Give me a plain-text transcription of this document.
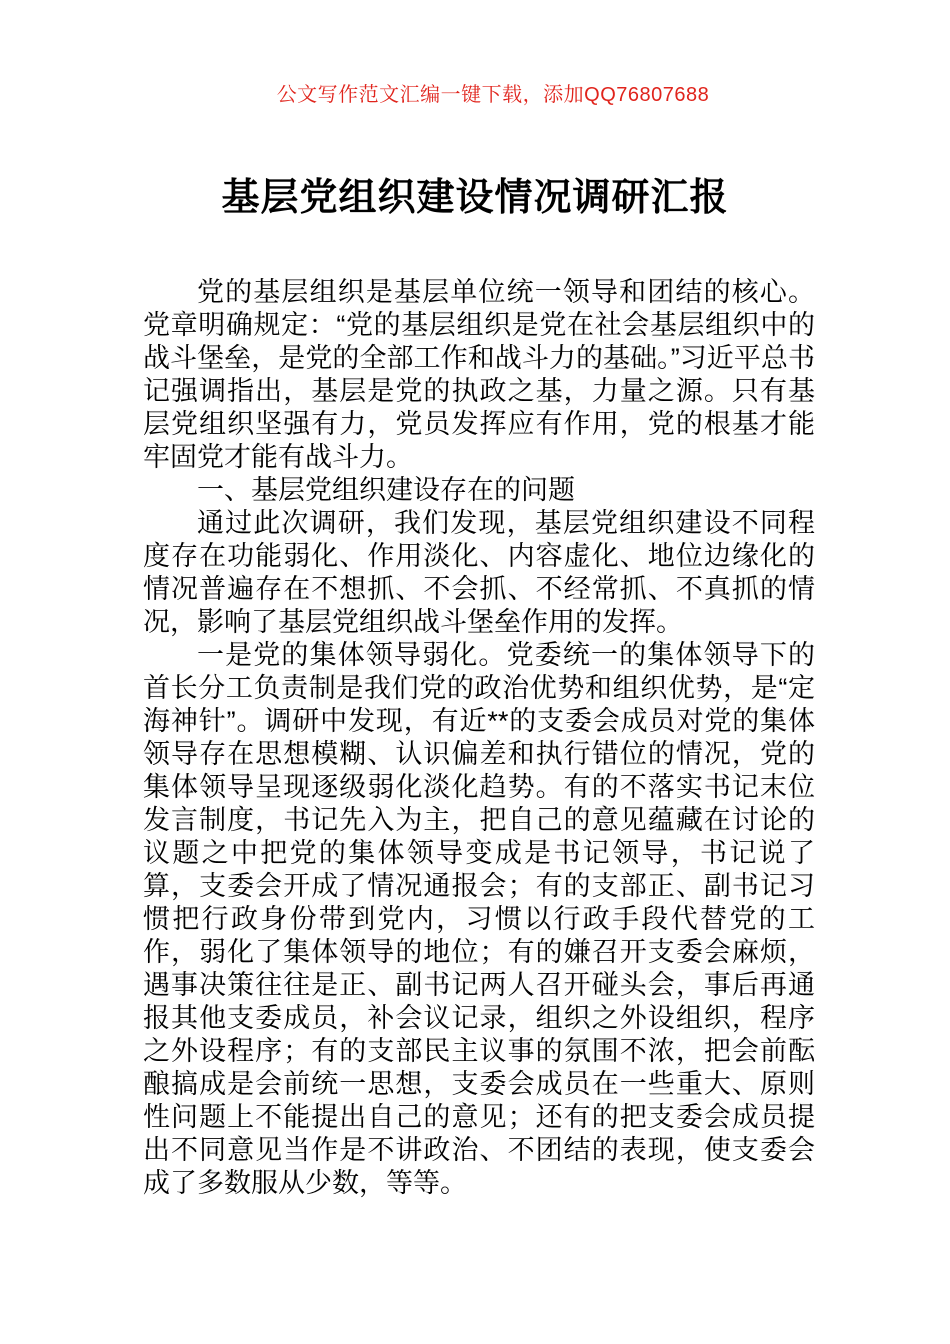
公文写作范文汇编一键下载，添加QQ76807688
基层党组织建设情况调研汇报

党的基层组织是基层单位统一领导和团结的核心。党章明确规定：“党的基层组织是党在社会基层组织中的战斗堡垒，是党的全部工作和战斗力的基础。”习近平总书记强调指出，基层是党的执政之基，力量之源。只有基层党组织坚强有力，党员发挥应有作用，党的根基才能牢固党才能有战斗力。

一、基层党组织建设存在的问题

通过此次调研，我们发现，基层党组织建设不同程度存在功能弱化、作用淡化、内容虚化、地位边缘化的情况普遍存在不想抓、不会抓、不经常抓、不真抓的情况，影响了基层党组织战斗堡垒作用的发挥。

一是党的集体领导弱化。党委统一的集体领导下的首长分工负责制是我们党的政治优势和组织优势，是“定海神针”。调研中发现，有近**的支委会成员对党的集体领导存在思想模糊、认识偏差和执行错位的情况，党的集体领导呈现逐级弱化淡化趋势。有的不落实书记末位发言制度，书记先入为主，把自己的意见蕴藏在讨论的议题之中把党的集体领导变成是书记领导，书记说了算，支委会开成了情况通报会；有的支部正、副书记习惯把行政身份带到党内，习惯以行政手段代替党的工作，弱化了集体领导的地位；有的嫌召开支委会麻烦，遇事决策往往是正、副书记两人召开碰头会，事后再通报其他支委成员，补会议记录，组织之外设组织，程序之外设程序；有的支部民主议事的氛围不浓，把会前酝酿搞成是会前统一思想，支委会成员在一些重大、原则性问题上不能提出自己的意见；还有的把支委会成员提出不同意见当作是不讲政治、不团结的表现，使支委会成了多数服从少数，等等。
